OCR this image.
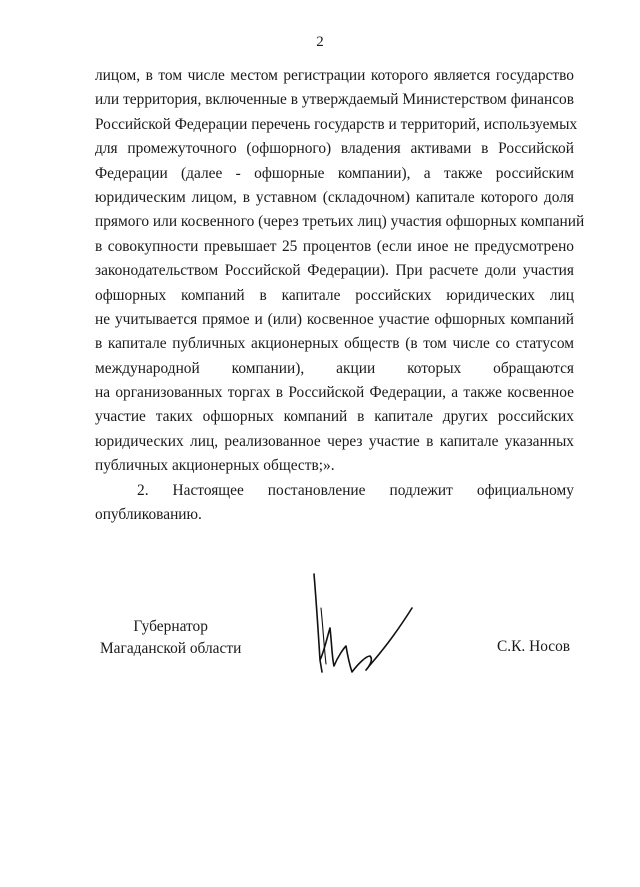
2
лицом, в том числе местом регистрации которого является государство
или территория, включенные в утверждаемый Министерством финансов
Российской Федерации перечень государств и территорий, используемых
для промежуточного (офшорного) владения активами в Российской
Федерации (далее - офшорные компании), а также российским
юридическим лицом, в уставном (складочном) капитале которого доля
прямого или косвенного (через третьих лиц) участия офшорных компаний
в совокупности превышает 25 процентов (если иное не предусмотрено
законодательством Российской Федерации). При расчете доли участия
офшорных компаний в капитале российских юридических лиц
не учитывается прямое и (или) косвенное участие офшорных компаний
в капитале публичных акционерных обществ (в том числе со статусом
международной компании), акции которых обращаются
на организованных торгах в Российской Федерации, а также косвенное
участие таких офшорных компаний в капитале других российских
юридических лиц, реализованное через участие в капитале указанных
публичных акционерных обществ;».
2. Настоящее постановление подлежит официальному
опубликованию.
Губернатор
Магаданской области	С.К. Носов
